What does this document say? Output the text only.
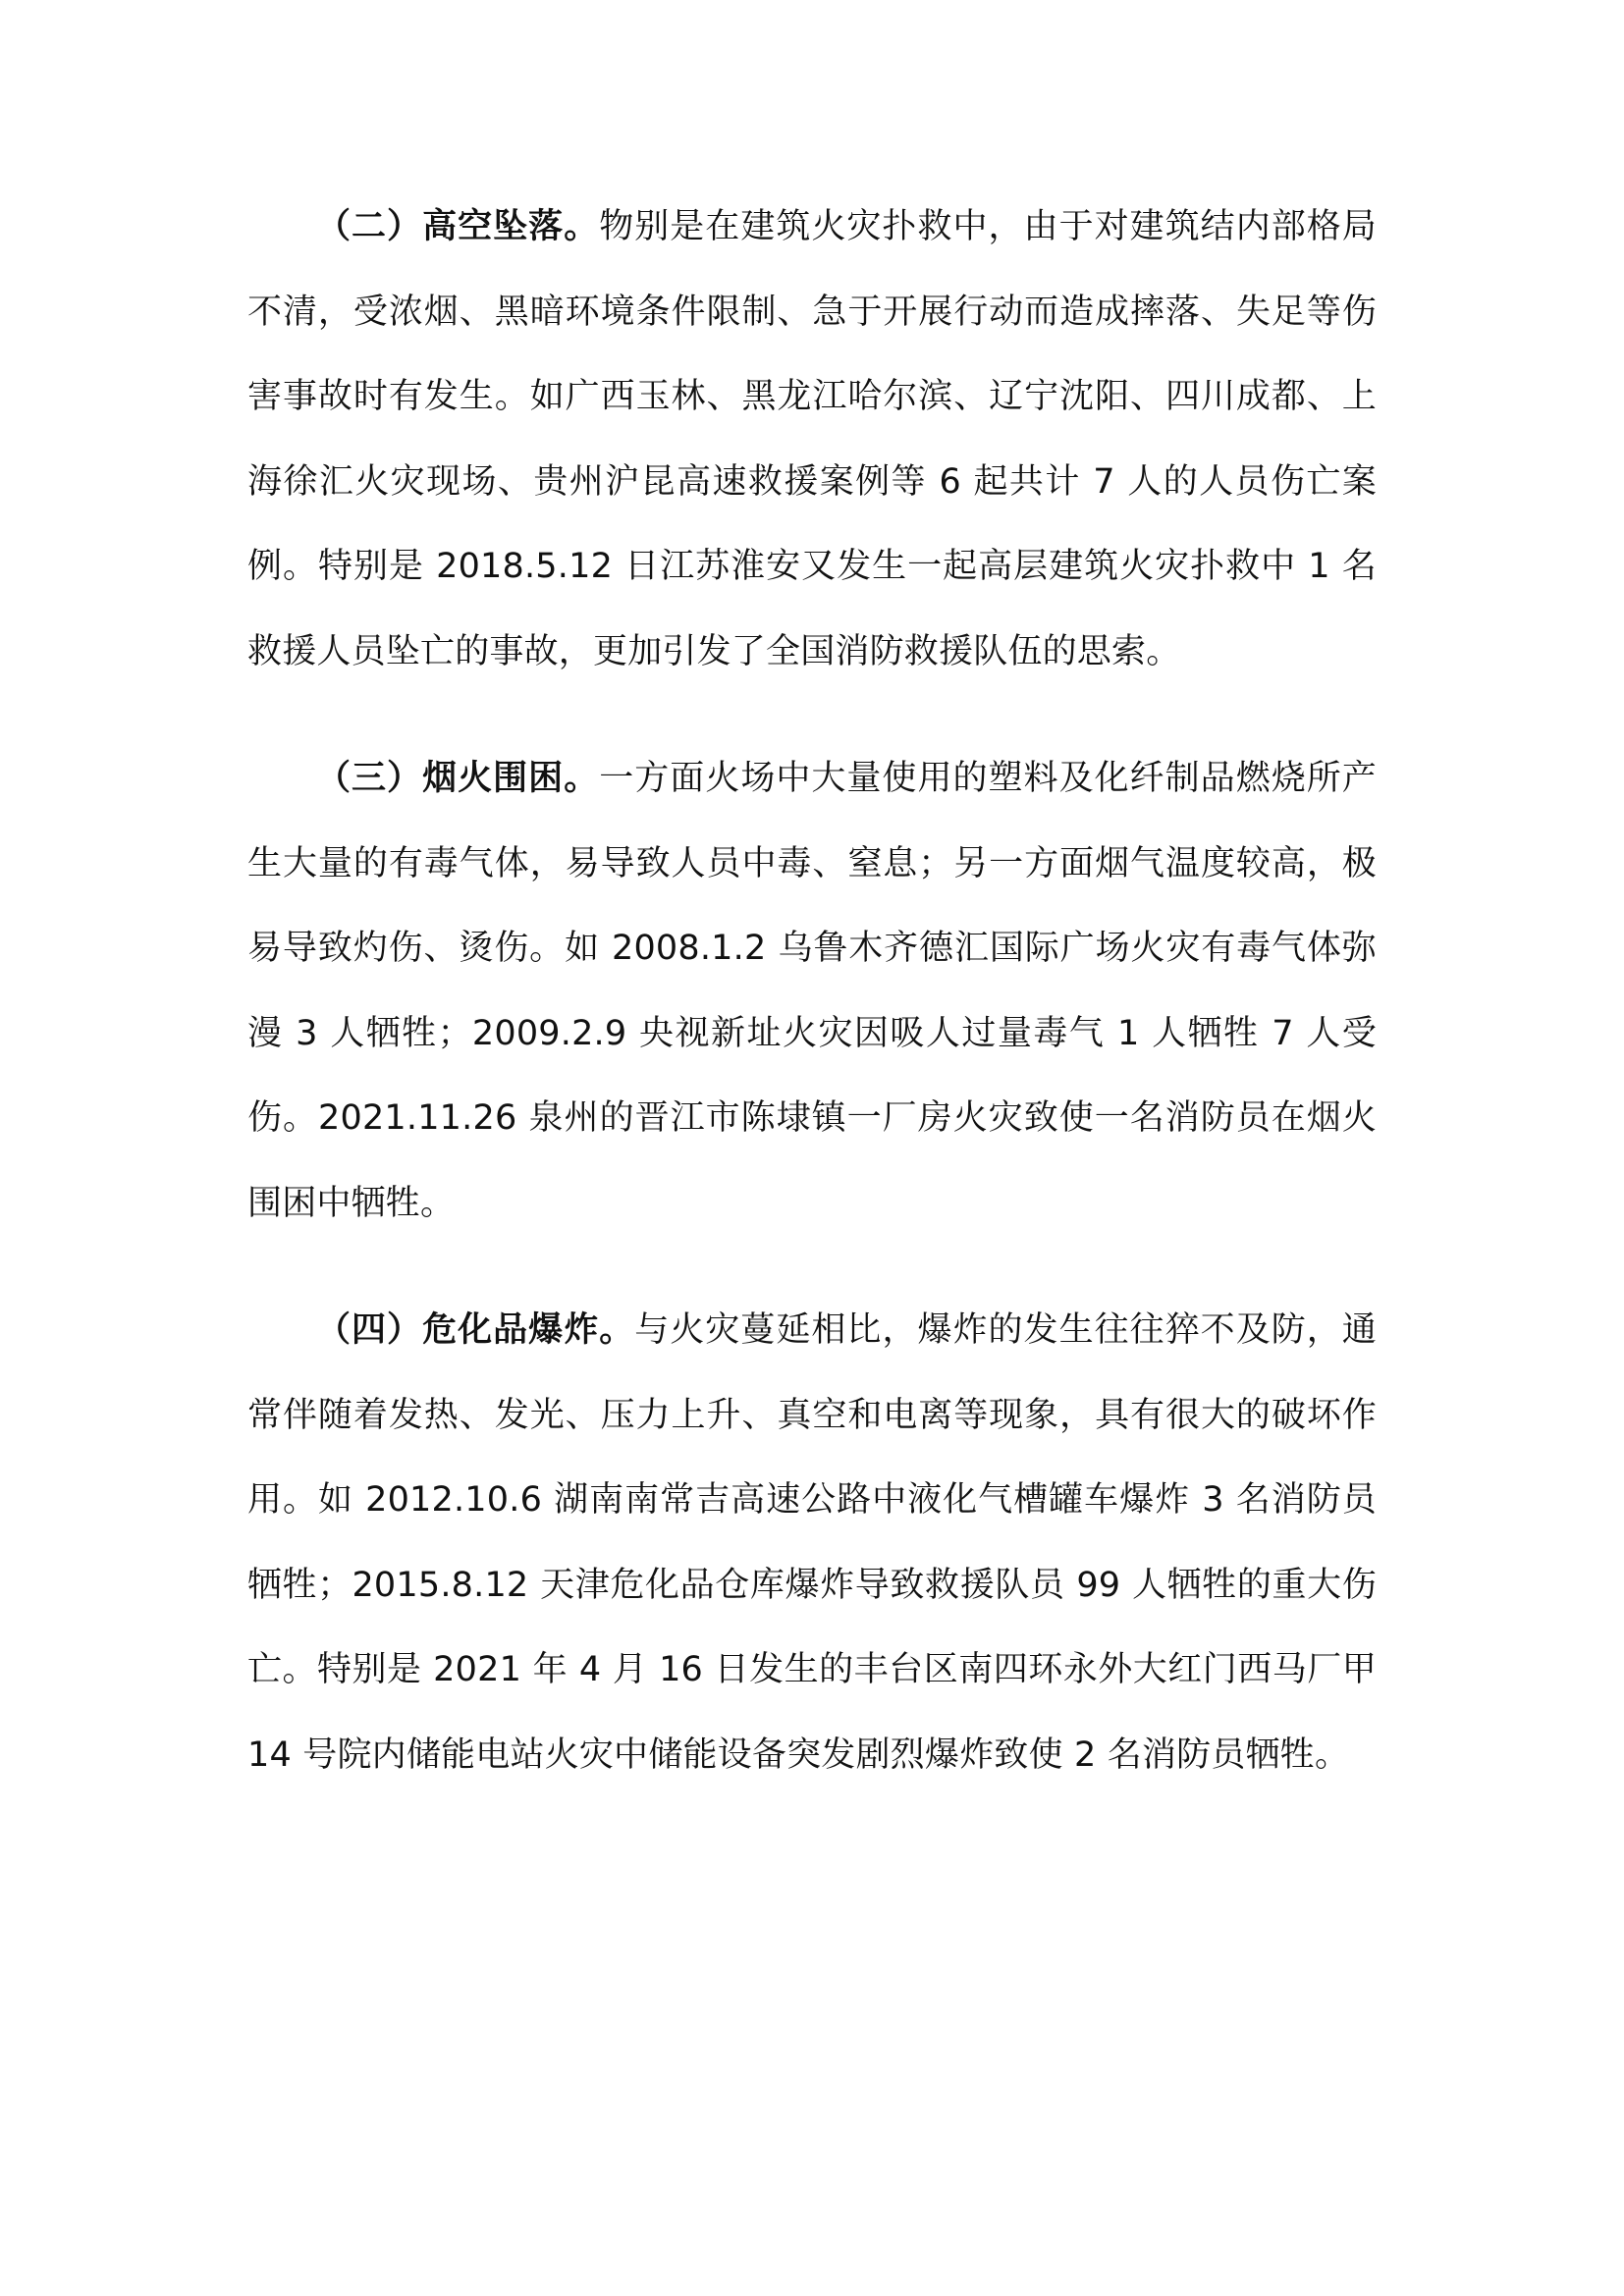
（二）高空坠落。物别是在建筑火灾扑救中，由于对建筑结内部格局不清，受浓烟、黑暗环境条件限制、急于开展行动而造成摔落、失足等伤害事故时有发生。如广西玉林、黑龙江哈尔滨、辽宁沈阳、四川成都、上海徐汇火灾现场、贵州沪昆高速救援案例等 6 起共计 7 人的人员伤亡案例。特别是 2018.5.12 日江苏淮安又发生一起高层建筑火灾扑救中 1 名救援人员坠亡的事故，更加引发了全国消防救援队伍的思索。

（三）烟火围困。一方面火场中大量使用的塑料及化纤制品燃烧所产生大量的有毒气体，易导致人员中毒、窒息；另一方面烟气温度较高，极易导致灼伤、烫伤。如 2008.1.2 乌鲁木齐德汇国际广场火灾有毒气体弥漫 3 人牺牲；2009.2.9 央视新址火灾因吸人过量毒气 1 人牺牲 7 人受伤。2021.11.26 泉州的晋江市陈埭镇一厂房火灾致使一名消防员在烟火围困中牺牲。

（四）危化品爆炸。与火灾蔓延相比，爆炸的发生往往猝不及防，通常伴随着发热、发光、压力上升、真空和电离等现象，具有很大的破坏作用。如 2012.10.6 湖南南常吉高速公路中液化气槽罐车爆炸 3 名消防员牺牲；2015.8.12 天津危化品仓库爆炸导致救援队员 99 人牺牲的重大伤亡。特别是 2021 年 4 月 16 日发生的丰台区南四环永外大红门西马厂甲 14 号院内储能电站火灾中储能设备突发剧烈爆炸致使 2 名消防员牺牲。
